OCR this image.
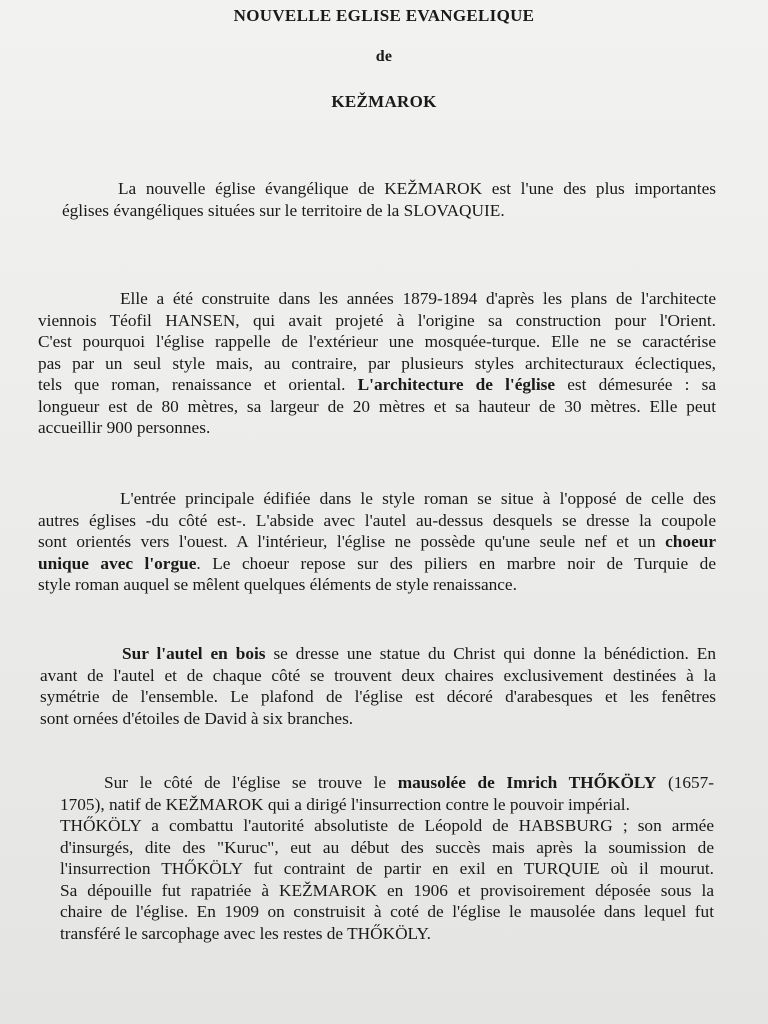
NOUVELLE EGLISE EVANGELIQUE
de
KEŽMAROK
La nouvelle église évangélique de KEŽMAROK est l'une des plus importantes
églises évangéliques situées sur le territoire de la SLOVAQUIE.
Elle a été construite dans les années 1879-1894 d'après les plans de l'architecte
viennois Téofil HANSEN, qui avait projeté à l'origine sa construction pour l'Orient.
C'est pourquoi l'église rappelle de l'extérieur une mosquée-turque. Elle ne se caractérise
pas par un seul style mais, au contraire, par plusieurs styles architecturaux éclectiques,
tels que roman, renaissance et oriental. L'architecture de l'église est démesurée : sa
longueur est de 80 mètres, sa largeur de 20 mètres et sa hauteur de 30 mètres. Elle peut
accueillir 900 personnes.
L'entrée principale édifiée dans le style roman se situe à l'opposé de celle des
autres églises -du côté est-. L'abside avec l'autel au-dessus desquels se dresse la coupole
sont orientés vers l'ouest. A l'intérieur, l'église ne possède qu'une seule nef et un choeur
unique avec l'orgue. Le choeur repose sur des piliers en marbre noir de Turquie de
style roman auquel se mêlent quelques éléments de style renaissance.
Sur l'autel en bois se dresse une statue du Christ qui donne la bénédiction. En
avant de l'autel et de chaque côté se trouvent deux chaires exclusivement destinées à la
symétrie de l'ensemble. Le plafond de l'église est décoré d'arabesques et les fenêtres
sont ornées d'étoiles de David à six branches.
Sur le côté de l'église se trouve le mausolée de Imrich THŐKÖLY (1657-
1705), natif de KEŽMAROK qui a dirigé l'insurrection contre le pouvoir impérial.
THŐKÖLY a combattu l'autorité absolutiste de Léopold de HABSBURG ; son armée
d'insurgés, dite des "Kuruc", eut au début des succès mais après la soumission de
l'insurrection THŐKÖLY fut contraint de partir en exil en TURQUIE où il mourut.
Sa dépouille fut rapatriée à KEŽMAROK en 1906 et provisoirement déposée sous la
chaire de l'église. En 1909 on construisit à coté de l'église le mausolée dans lequel fut
transféré le sarcophage avec les restes de THŐKÖLY.
